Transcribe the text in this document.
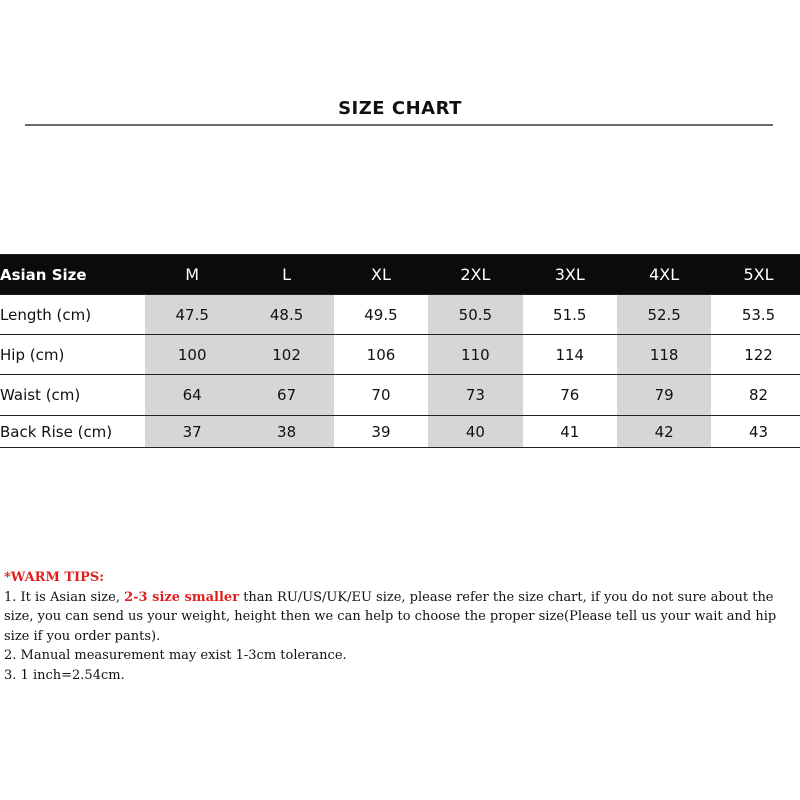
SIZE CHART
Asian Size	M	L	XL	2XL	3XL	4XL	5XL
Length (cm)	47.5	48.5	49.5	50.5	51.5	52.5	53.5
Hip (cm)	100	102	106	110	114	118	122
Waist (cm)	64	67	70	73	76	79	82
Back Rise (cm)	37	38	39	40	41	42	43

*WARM TIPS:

1. It is Asian size, 2-3 size smaller than RU/US/UK/EU size, please refer the size chart, if you do not sure about the size, you can send us your weight, height then we can help to choose the proper size(Please tell us your wait and hip size if you order pants).

2. Manual measurement may exist 1-3cm tolerance.

3. 1 inch=2.54cm.
